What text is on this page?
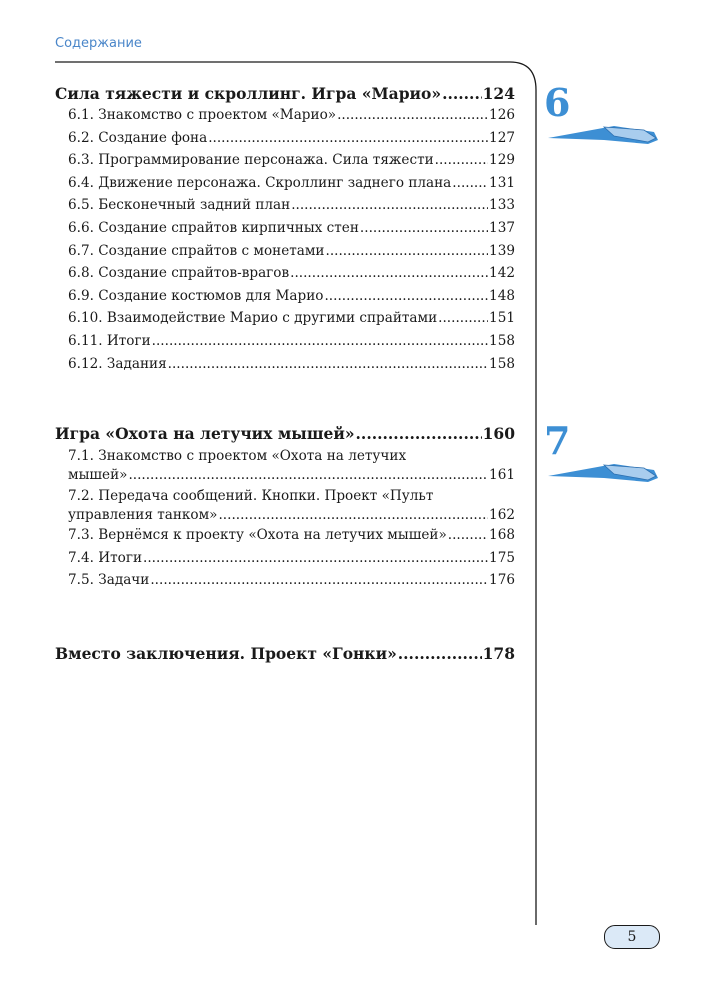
Содержание
Сила тяжести и скроллинг. Игра «Марио» .....	124
6.1. Знакомство с проектом «Марио» .....	126
6.2. Создание фона .....	127
6.3. Программирование персонажа. Сила тяжести .....	129
6.4. Движение персонажа. Скроллинг заднего плана .....	131
6.5. Бесконечный задний план .....	133
6.6. Создание спрайтов кирпичных стен .....	137
6.7. Создание спрайтов с монетами .....	139
6.8. Создание спрайтов-врагов .....	142
6.9. Создание костюмов для Марио .....	148
6.10. Взаимодействие Марио с другими спрайтами .....	151
6.11. Итоги .....	158
6.12. Задания .....	158
Игра «Охота на летучих мышей» .....	160
7.1. Знакомство с проектом «Охота на летучих
мышей» .....	161
7.2. Передача сообщений. Кнопки. Проект «Пульт
управления танком» .....	162
7.3. Вернёмся к проекту «Охота на летучих мышей» .....	168
7.4. Итоги .....	175
7.5. Задачи .....	176
Вместо заключения. Проект «Гонки» .....	178
6
7
5
